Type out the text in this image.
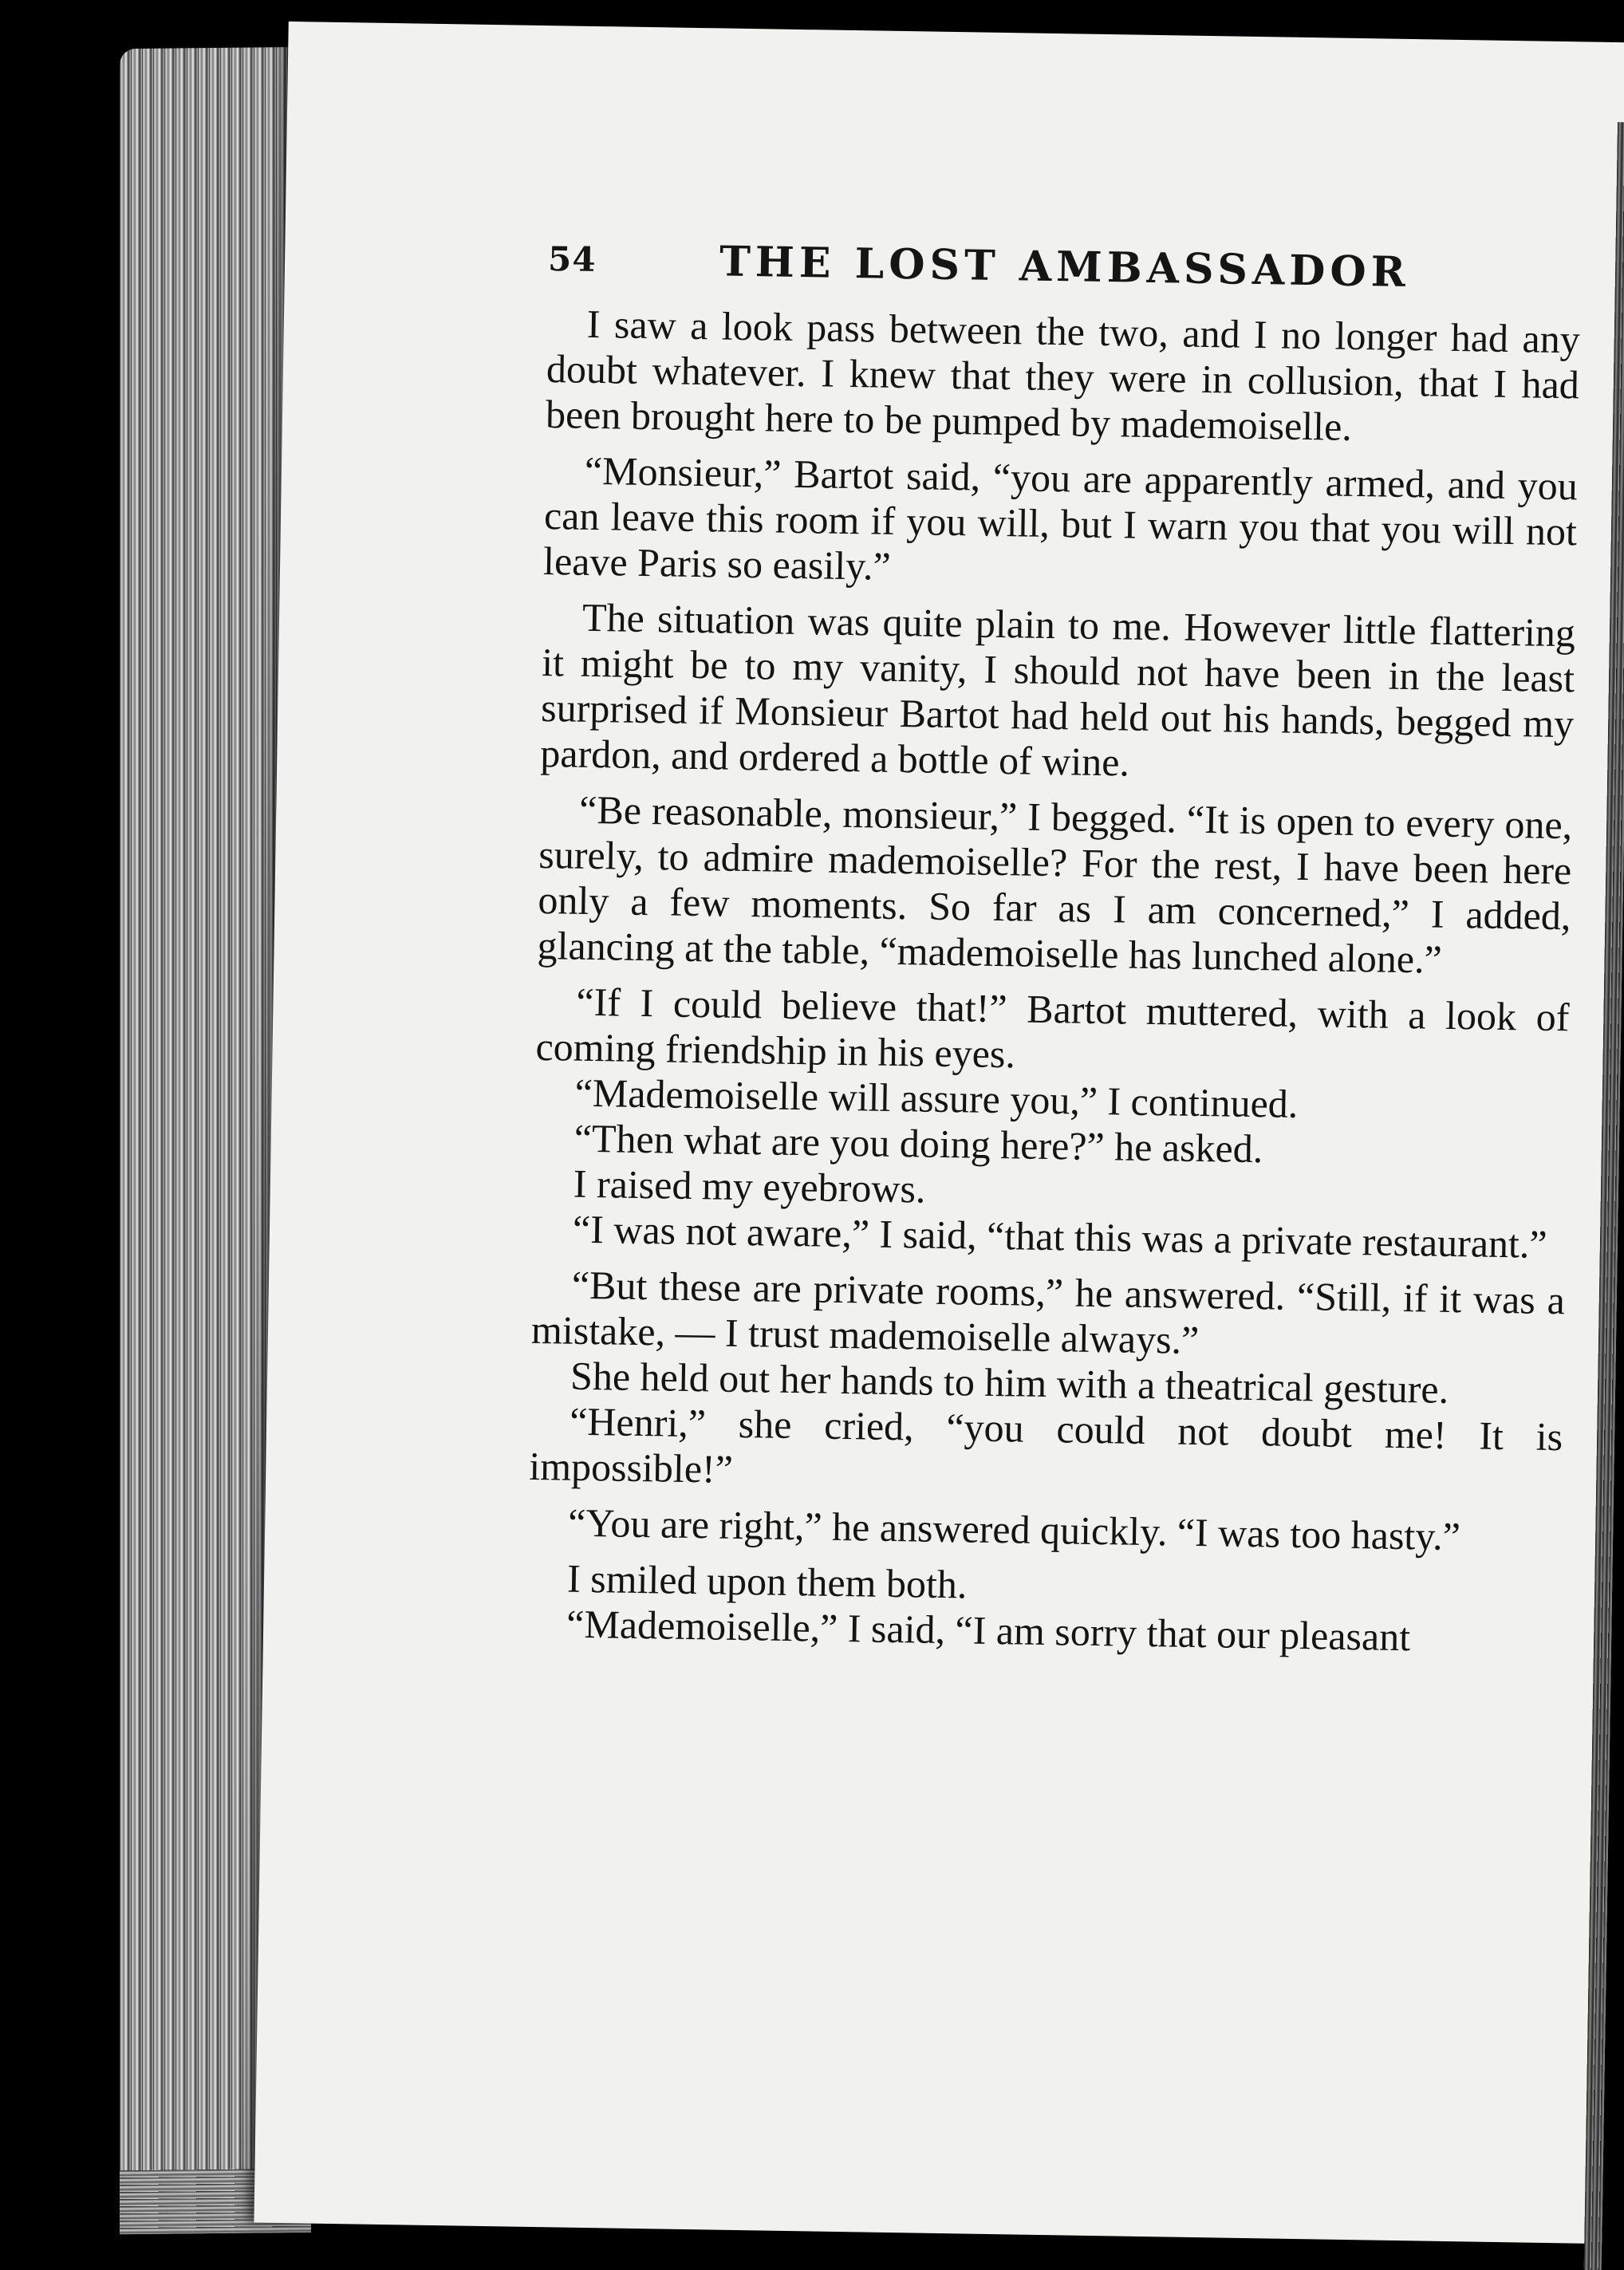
54	THE LOST AMBASSADOR

I saw a look pass between the two, and I no longer had any doubt whatever. I knew that they were in collusion, that I had been brought here to be pumped by mademoiselle.

“Monsieur,” Bartot said, “you are apparently armed, and you can leave this room if you will, but I warn you that you will not leave Paris so easily.”

The situation was quite plain to me. However little flattering it might be to my vanity, I should not have been in the least surprised if Monsieur Bartot had held out his hands, begged my pardon, and ordered a bottle of wine.

“Be reasonable, monsieur,” I begged. “It is open to every one, surely, to admire mademoiselle? For the rest, I have been here only a few moments. So far as I am concerned,” I added, glancing at the table, “mademoiselle has lunched alone.”

“If I could believe that!” Bartot muttered, with a look of coming friendship in his eyes.

“Mademoiselle will assure you,” I continued.

“Then what are you doing here?” he asked.

I raised my eyebrows.

“I was not aware,” I said, “that this was a private restaurant.”

“But these are private rooms,” he answered. “Still, if it was a mistake, — I trust mademoiselle always.”

She held out her hands to him with a theatrical gesture.

“Henri,” she cried, “you could not doubt me! It is impossible!”

“You are right,” he answered quickly. “I was too hasty.”

I smiled upon them both.

“Mademoiselle,” I said, “I am sorry that our pleasant
